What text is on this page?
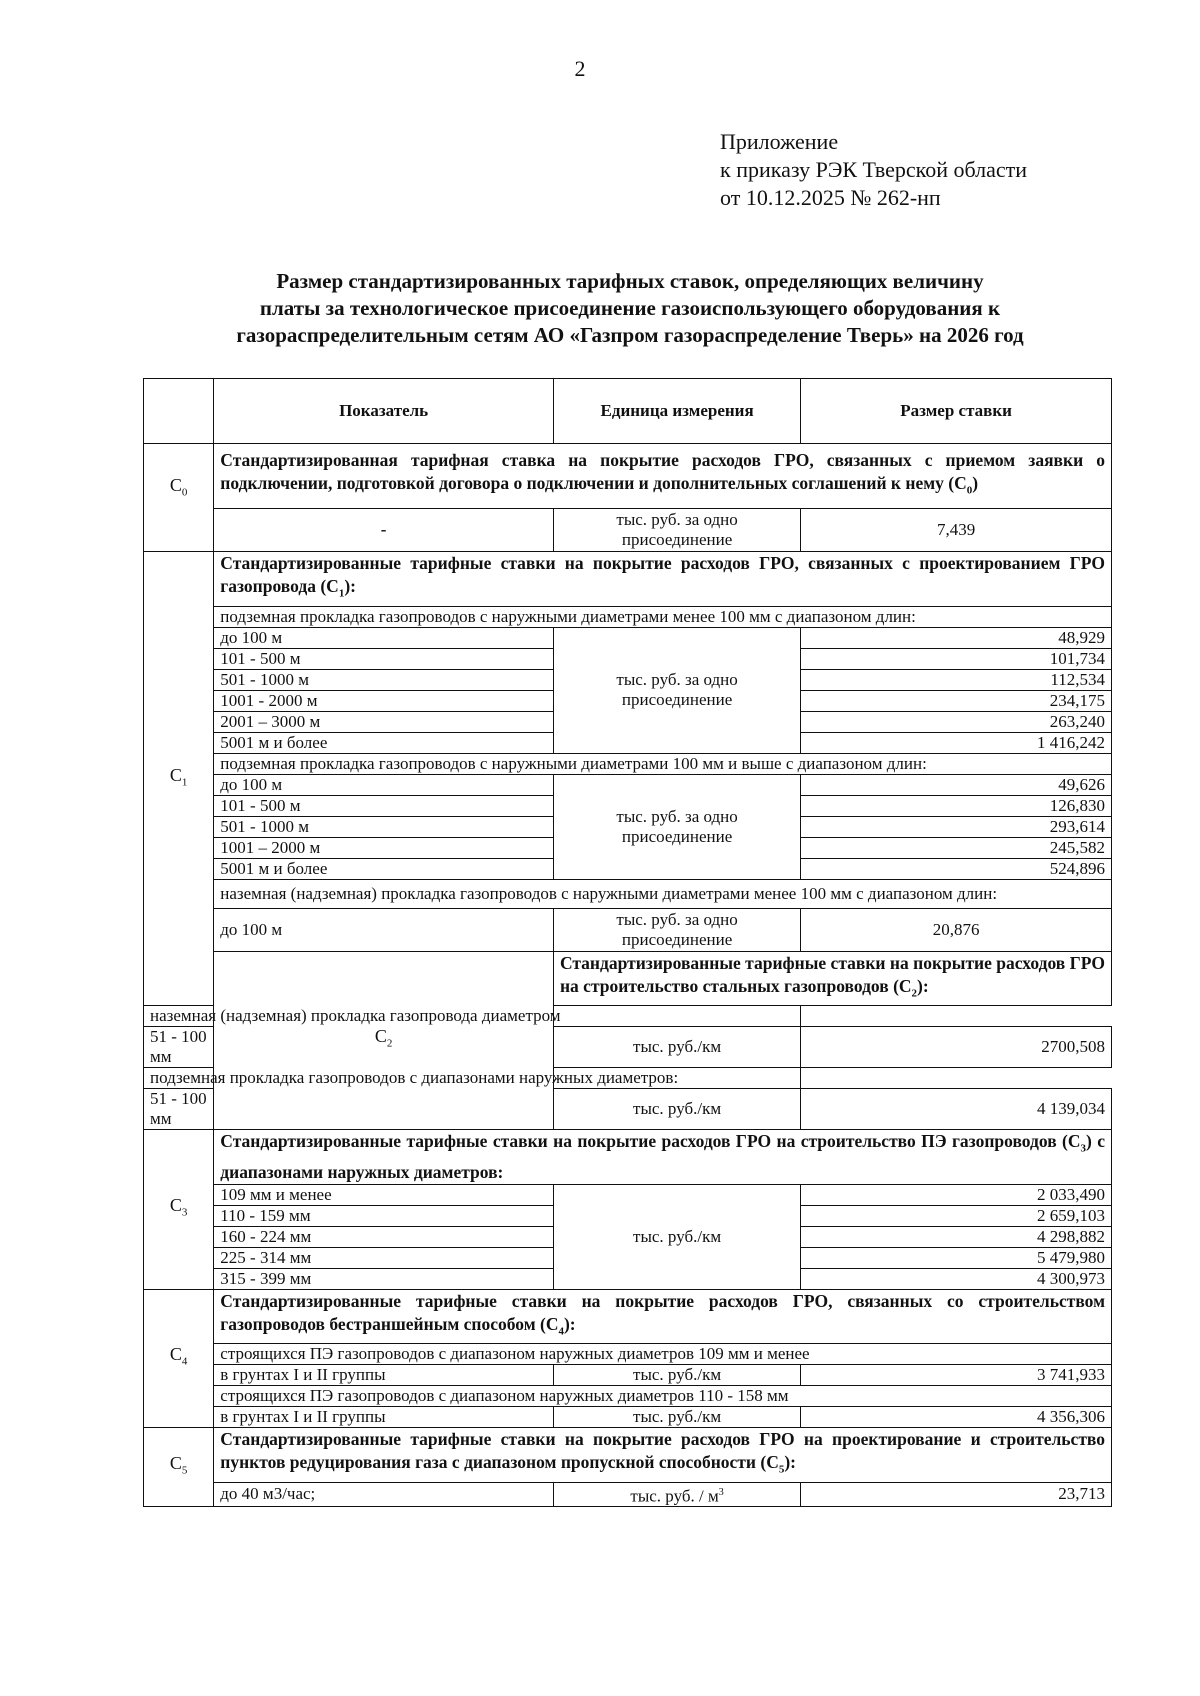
2
Приложение
к приказу РЭК Тверской области
от 10.12.2025 № 262-нп
Размер стандартизированных тарифных ставок, определяющих величину
платы за технологическое присоединение газоиспользующего оборудования к
газораспределительным сетям АО «Газпром газораспределение Тверь» на 2026 год
	Показатель	Единица измерения	Размер ставки
$C_0$	Стандартизированная тарифная ставка на покрытие расходов ГРО, связанных с приемом заявки о подключении, подготовкой договора о подключении и дополнительных соглашений к нему $(C_0)$		
	-	тыс. руб. за одно присоединение	7,439
$C_1$	Стандартизированные тарифные ставки на покрытие расходов ГРО, связанных с проектированием ГРО газопровода $(C_1)$:		
	подземная прокладка газопроводов с наружными диаметрами менее 100 мм с диапазоном длин:		
	до 100 м	тыс. руб. за одно присоединение	48,929
	101 - 500 м		101,734
	501 - 1000 м		112,534
	1001 - 2000 м		234,175
	2001 – 3000 м		263,240
	5001 м и более		1 416,242
	подземная прокладка газопроводов с наружными диаметрами 100 мм и выше с диапазоном длин:		
	до 100 м	тыс. руб. за одно присоединение	49,626
	101 - 500 м		126,830
	501 - 1000 м		293,614
	1001 – 2000 м		245,582
	5001 м и более		524,896
	наземная (надземная) прокладка газопроводов с наружными диаметрами менее 100 мм с диапазоном длин:		
	до 100 м	тыс. руб. за одно присоединение	20,876
	$C_2$	Стандартизированные тарифные ставки на покрытие расходов ГРО на строительство стальных газопроводов $(C_2)$:	
наземная (надземная) прокладка газопровода диаметром			
51 - 100 мм		тыс. руб./км	2700,508
подземная прокладка газопроводов с диапазонами наружных диаметров:			
51 - 100 мм		тыс. руб./км	4 139,034
$C_3$	Стандартизированные тарифные ставки на покрытие расходов ГРО на строительство ПЭ газопроводов $(C_3)$ с диапазонами наружных диаметров:		
	109 мм и менее	тыс. руб./км	2 033,490
	110 - 159 мм		2 659,103
	160 - 224 мм		4 298,882
	225 - 314 мм		5 479,980
	315 - 399 мм		4 300,973
$C_4$	Стандартизированные тарифные ставки на покрытие расходов ГРО, связанных со строительством газопроводов бестраншейным способом $(C_4)$:		
	строящихся ПЭ газопроводов с диапазоном наружных диаметров 109 мм и менее		
	в грунтах I и II группы	тыс. руб./км	3 741,933
	строящихся ПЭ газопроводов с диапазоном наружных диаметров 110 - 158 мм		
	в грунтах I и II группы	тыс. руб./км	4 356,306
$C_5$	Стандартизированные тарифные ставки на покрытие расходов ГРО на проектирование и строительство пунктов редуцирования газа с диапазоном пропускной способности $(C_5)$:		
	до 40 м3/час;	тыс. руб. / $м^3$	23,713
